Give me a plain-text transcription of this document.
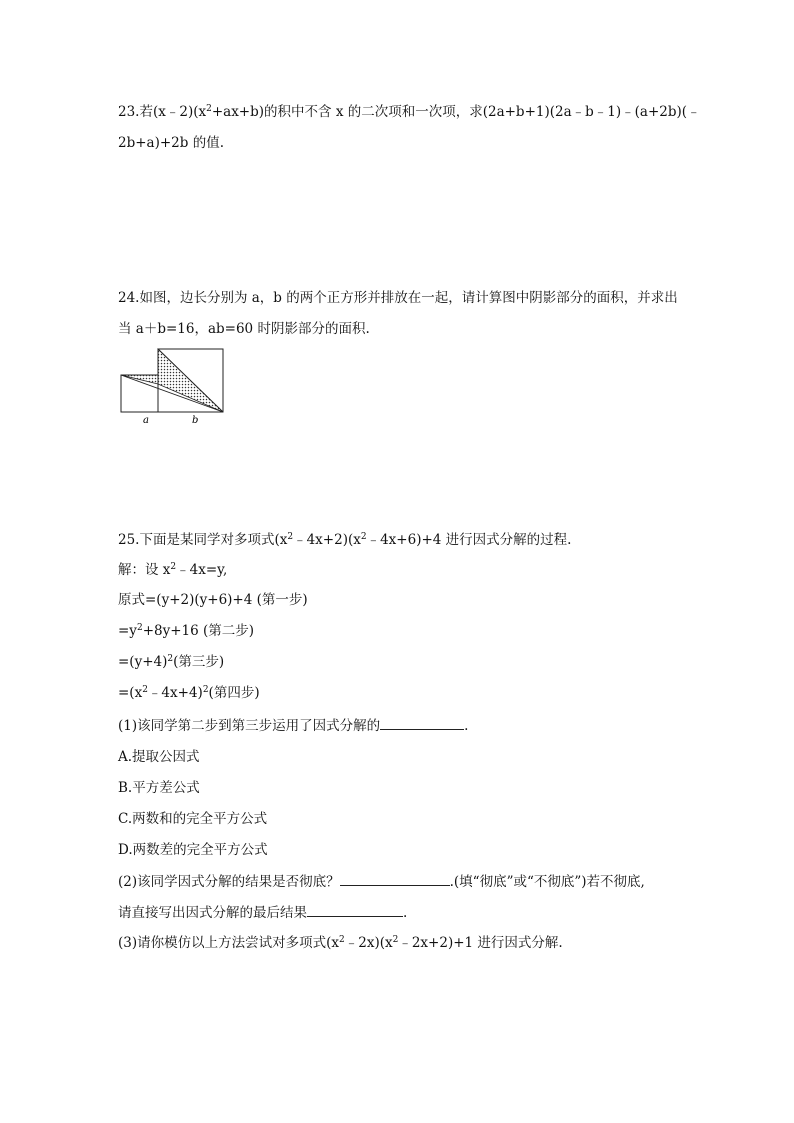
23.若$(x﹣2)(x^2+ax+b)$的积中不含 x 的二次项和一次项，求(2a+b+1)(2a﹣b﹣1)﹣(a+2b)(﹣
2b+a)+2b 的值.
24.如图，边长分别为 a，b 的两个正方形并排放在一起，请计算图中阴影部分的面积，并求出
当 a＋b=16，ab=60 时阴影部分的面积.
a	b
25.下面是某同学对多项式$(x^2﹣4x+2)(x^2﹣4x+6)+4$ 进行因式分解的过程.
解：设 $x^2﹣4x=y$,
原式=(y+2)(y+6)+4 (第一步)
$=y^2+8y+16$ (第二步)
$=(y+4)^2$(第三步)
$=(x^2﹣4x+4)^2$(第四步)
(1)该同学第二步到第三步运用了因式分解的	.
A.提取公因式
B.平方差公式
C.两数和的完全平方公式
D.两数差的完全平方公式
(2)该同学因式分解的结果是否彻底？	.(填“彻底”或“不彻底”)若不彻底,
请直接写出因式分解的最后结果	.
(3)请你模仿以上方法尝试对多项式$(x^2﹣2x)(x^2﹣2x+2)+1$ 进行因式分解.
